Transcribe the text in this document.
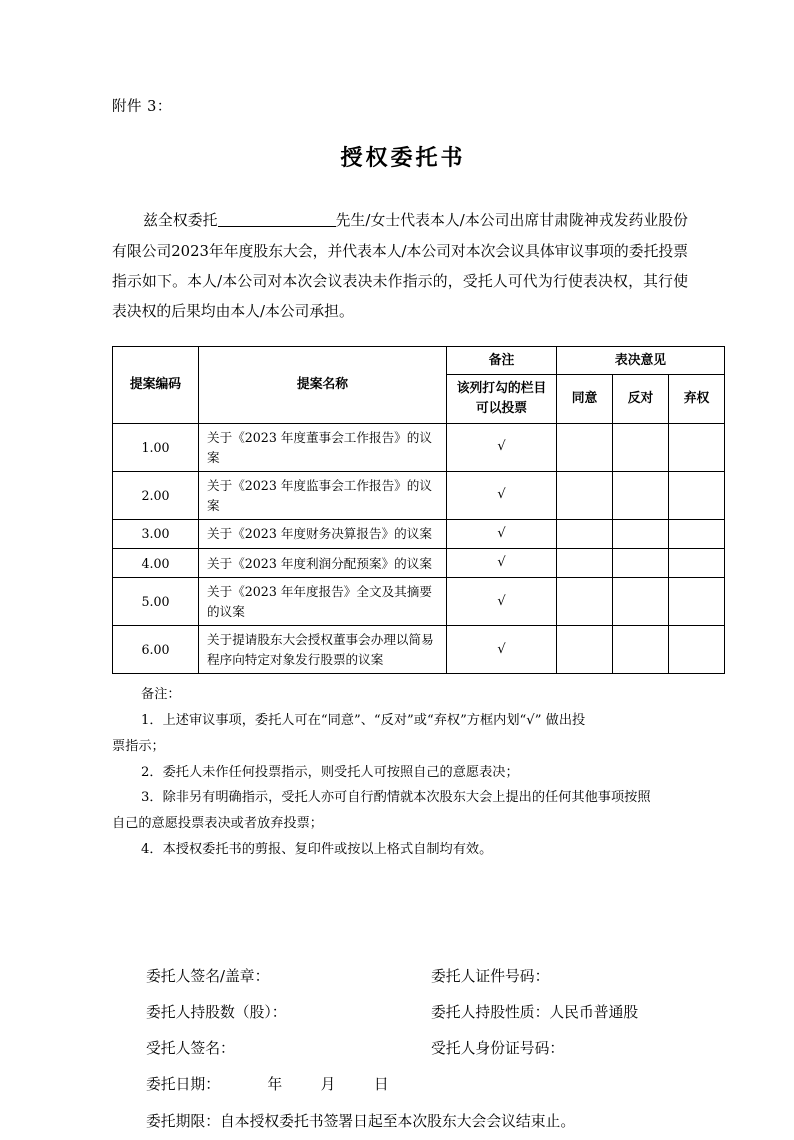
附件 3：
授权委托书

兹全权委托	先生/女士代表本人/本公司出席甘肃陇神戎发药业股份有限公司2023年年度股东大会，并代表本人/本公司对本次会议具体审议事项的委托投票指示如下。本人/本公司对本次会议表决未作指示的，受托人可代为行使表决权，其行使表决权的后果均由本人/本公司承担。

提案编码	提案名称	备注	表决意见		
		该列打勾的栏目可以投票	同意	反对	弃权
1.00	关于《2023 年度董事会工作报告》的议案	√			
2.00	关于《2023 年度监事会工作报告》的议案	√			
3.00	关于《2023 年度财务决算报告》的议案	√			
4.00	关于《2023 年度利润分配预案》的议案	√			
5.00	关于《2023 年年度报告》全文及其摘要的议案	√			
6.00	关于提请股东大会授权董事会办理以简易程序向特定对象发行股票的议案	√			
备注：

1．上述审议事项，委托人可在“同意”、“反对”或“弃权”方框内划“√” 做出投
票指示；
2．委托人未作任何投票指示，则受托人可按照自己的意愿表决；
3．除非另有明确指示，受托人亦可自行酌情就本次股东大会上提出的任何其他事项按照
自己的意愿投票表决或者放弃投票；
4．本授权委托书的剪报、复印件或按以上格式自制均有效。
委托人签名/盖章：	委托人证件号码：
委托人持股数（股）：	委托人持股性质：人民币普通股
受托人签名：	受托人身份证号码：
委托日期：	年	月	日
委托期限：自本授权委托书签署日起至本次股东大会会议结束止。
